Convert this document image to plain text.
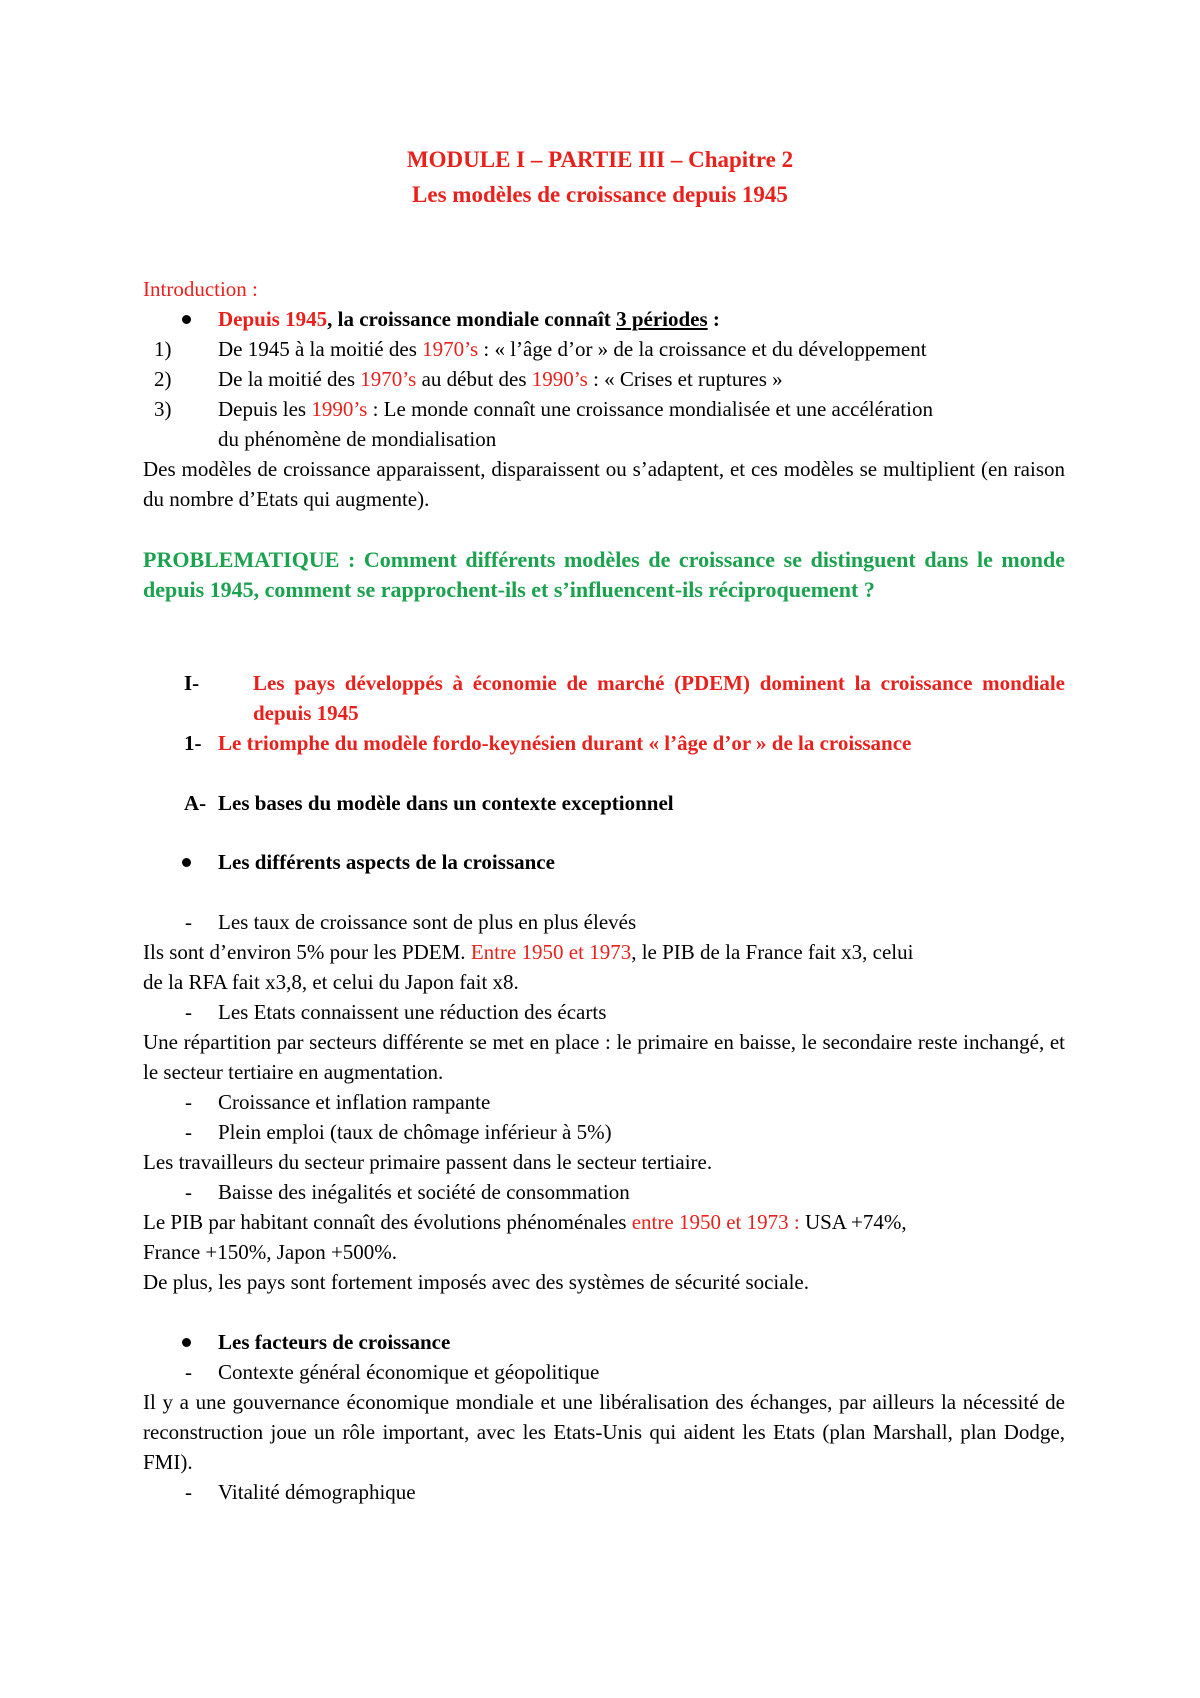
MODULE I – PARTIE III – Chapitre 2
Les modèles de croissance depuis 1945
Introduction :
Depuis 1945, la croissance mondiale connaît 3 périodes :
1) De 1945 à la moitié des 1970’s : « l’âge d’or » de la croissance et du développement
2) De la moitié des 1970’s au début des 1990’s : « Crises et ruptures »
3) Depuis les 1990’s : Le monde connaît une croissance mondialisée et une accélération
du phénomène de mondialisation
Des modèles de croissance apparaissent, disparaissent ou s’adaptent, et ces modèles se multiplient (en raison du nombre d’Etats qui augmente).
PROBLEMATIQUE : Comment différents modèles de croissance se distinguent dans le monde depuis 1945, comment se rapprochent-ils et s’influencent-ils réciproquement ?
I-	Les pays développés à économie de marché (PDEM) dominent la croissance mondiale depuis 1945
1- Le triomphe du modèle fordo-keynésien durant « l’âge d’or » de la croissance
A- Les bases du modèle dans un contexte exceptionnel
Les différents aspects de la croissance
- Les taux de croissance sont de plus en plus élevés
Ils sont d’environ 5% pour les PDEM. Entre 1950 et 1973, le PIB de la France fait x3, celui
de la RFA fait x3,8, et celui du Japon fait x8.
- Les Etats connaissent une réduction des écarts
Une répartition par secteurs différente se met en place : le primaire en baisse, le secondaire reste inchangé, et le secteur tertiaire en augmentation.
- Croissance et inflation rampante
- Plein emploi (taux de chômage inférieur à 5%)
Les travailleurs du secteur primaire passent dans le secteur tertiaire.
- Baisse des inégalités et société de consommation
Le PIB par habitant connaît des évolutions phénoménales entre 1950 et 1973 : USA +74%,
France +150%, Japon +500%.
De plus, les pays sont fortement imposés avec des systèmes de sécurité sociale.
Les facteurs de croissance
- Contexte général économique et géopolitique
Il y a une gouvernance économique mondiale et une libéralisation des échanges, par ailleurs la nécessité de reconstruction joue un rôle important, avec les Etats-Unis qui aident les Etats (plan Marshall, plan Dodge, FMI).
- Vitalité démographique
